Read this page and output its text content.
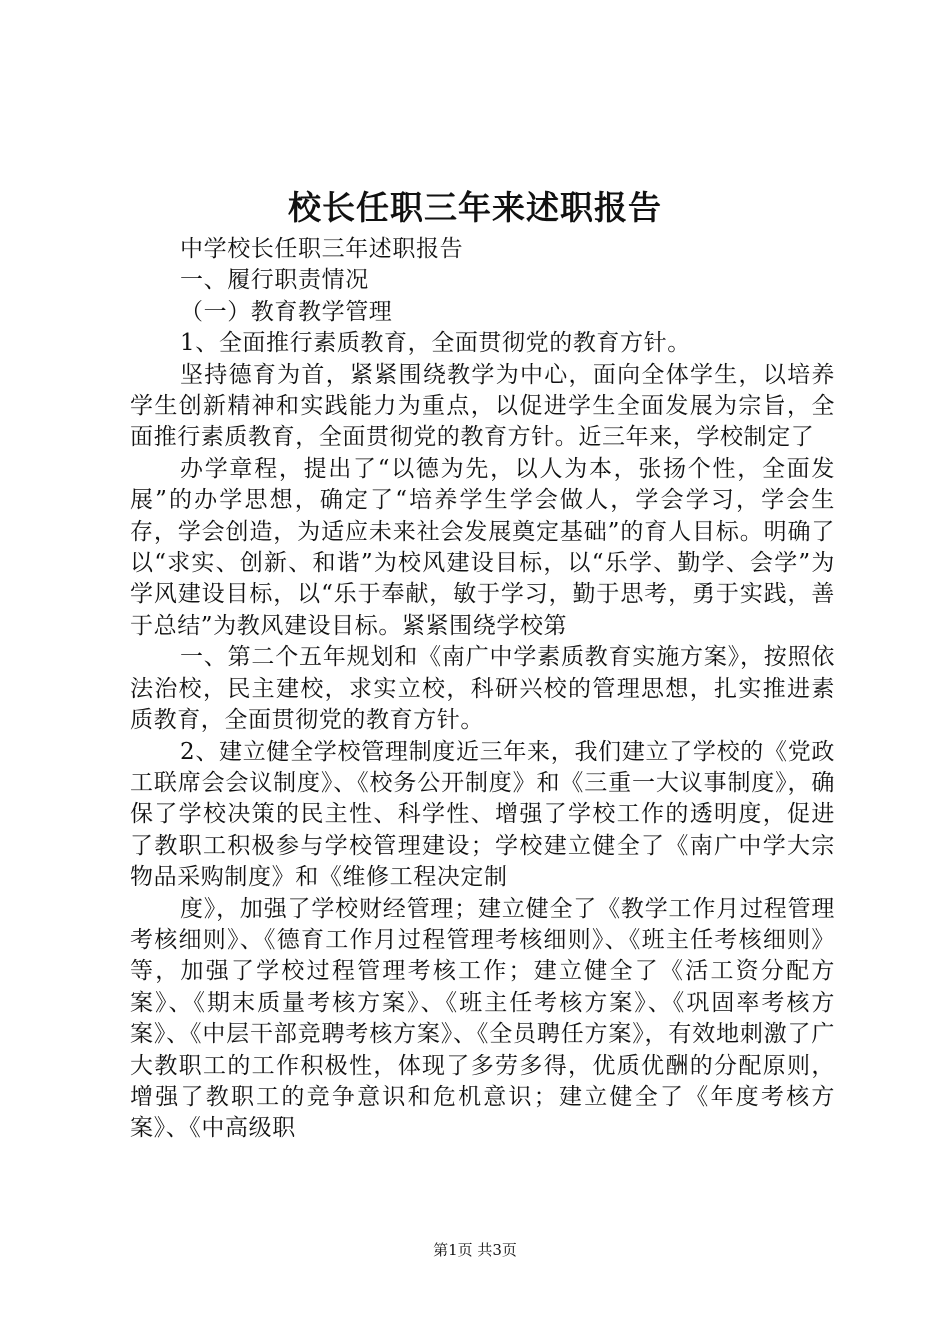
校长任职三年来述职报告

中学校长任职三年述职报告

一、履行职责情况

（一）教育教学管理

1、全面推行素质教育，全面贯彻党的教育方针。

坚持德育为首，紧紧围绕教学为中心，面向全体学生，以培养学生创新精神和实践能力为重点，以促进学生全面发展为宗旨，全面推行素质教育，全面贯彻党的教育方针。近三年来，学校制定了

办学章程，提出了“以德为先，以人为本，张扬个性，全面发展”的办学思想，确定了“培养学生学会做人，学会学习，学会生存，学会创造，为适应未来社会发展奠定基础”的育人目标。明确了以“求实、创新、和谐”为校风建设目标，以“乐学、勤学、会学”为学风建设目标，以“乐于奉献，敏于学习，勤于思考，勇于实践，善于总结”为教风建设目标。紧紧围绕学校第

一、第二个五年规划和《南广中学素质教育实施方案》，按照依法治校，民主建校，求实立校，科研兴校的管理思想，扎实推进素质教育，全面贯彻党的教育方针。

2、建立健全学校管理制度近三年来，我们建立了学校的《党政工联席会会议制度》、《校务公开制度》和《三重一大议事制度》，确保了学校决策的民主性、科学性、增强了学校工作的透明度，促进了教职工积极参与学校管理建设；学校建立健全了《南广中学大宗物品采购制度》和《维修工程决定制

度》，加强了学校财经管理；建立健全了《教学工作月过程管理考核细则》、《德育工作月过程管理考核细则》、《班主任考核细则》等，加强了学校过程管理考核工作；建立健全了《活工资分配方案》、《期末质量考核方案》、《班主任考核方案》、《巩固率考核方案》、《中层干部竞聘考核方案》、《全员聘任方案》，有效地刺激了广大教职工的工作积极性，体现了多劳多得，优质优酬的分配原则，增强了教职工的竞争意识和危机意识；建立健全了《年度考核方案》、《中高级职

第1页 共3页
